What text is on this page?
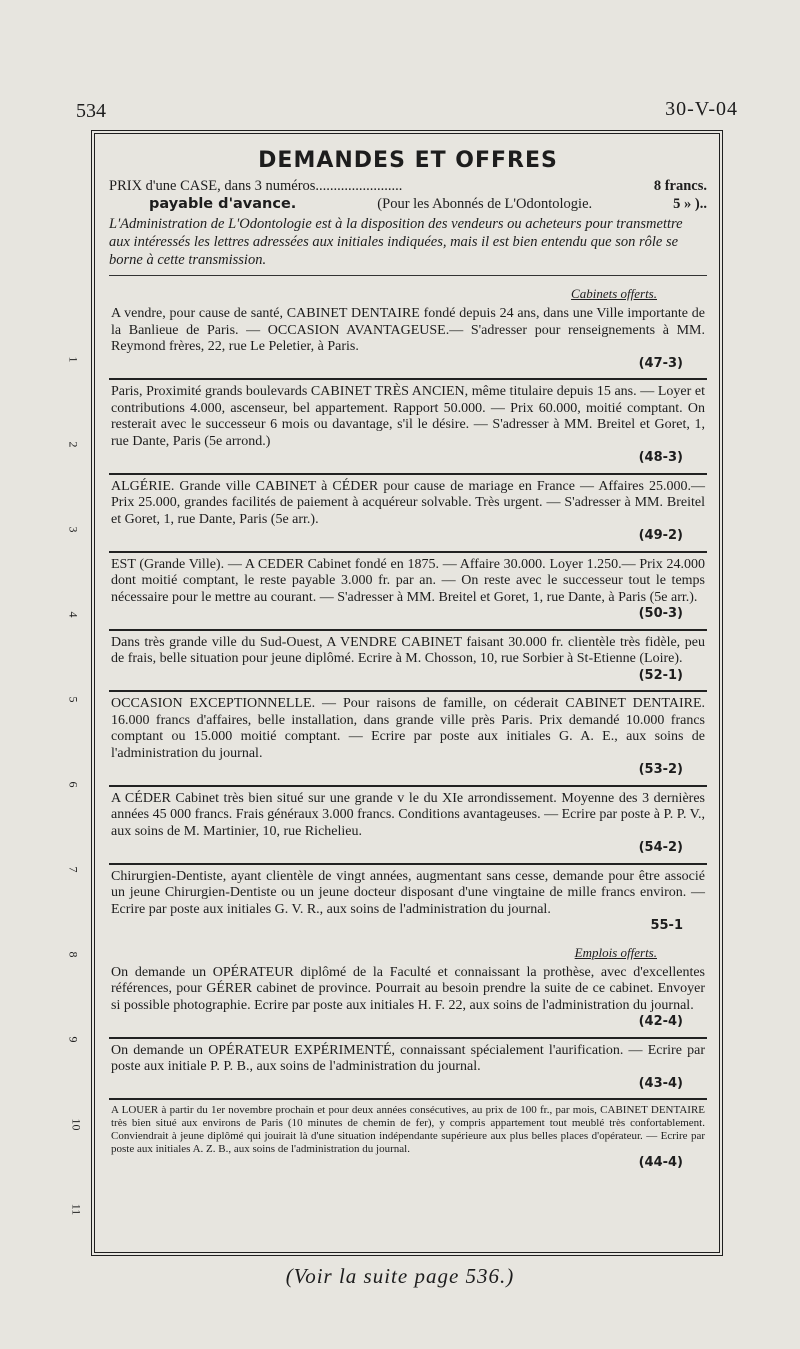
534	30-V-04
DEMANDES ET OFFRES
PRIX d'une CASE, dans 3 numéros........................	8 francs.
payable d'avance.	(Pour les Abonnés de L'Odontologie.	5 » )..
L'Administration de L'Odontologie est à la disposition des vendeurs ou acheteurs pour transmettre aux intéressés les lettres adressées aux initiales indiquées, mais il est bien entendu que son rôle se borne à cette transmission.
Cabinets offerts.
A vendre, pour cause de santé, CABINET DENTAIRE fondé depuis 24 ans, dans une Ville importante de la Banlieue de Paris. — OCCASION AVANTAGEUSE.— S'adresser pour renseignements à MM. Reymond frères, 22, rue Le Peletier, à Paris.
(47-3)
Paris, Proximité grands boulevards CABINET TRÈS ANCIEN, même titulaire depuis 15 ans. — Loyer et contributions 4.000, ascenseur, bel appartement. Rapport 50.000. — Prix 60.000, moitié comptant. On resterait avec le successeur 6 mois ou davantage, s'il le désire. — S'adresser à MM. Breitel et Goret, 1, rue Dante, Paris (5e arrond.)
(48-3)
ALGÉRIE. Grande ville CABINET à CÉDER pour cause de mariage en France — Affaires 25.000.— Prix 25.000, grandes facilités de paiement à acquéreur solvable. Très urgent. — S'adresser à MM. Breitel et Goret, 1, rue Dante, Paris (5e arr.).
(49-2)
EST (Grande Ville). — A CEDER Cabinet fondé en 1875. — Affaire 30.000. Loyer 1.250.— Prix 24.000 dont moitié comptant, le reste payable 3.000 fr. par an. — On reste avec le successeur tout le temps nécessaire pour le mettre au courant. — S'adresser à MM. Breitel et Goret, 1, rue Dante, à Paris (5e arr.).
(50-3)
Dans très grande ville du Sud-Ouest, A VENDRE CABINET faisant 30.000 fr. clientèle très fidèle, peu de frais, belle situation pour jeune diplômé. Ecrire à M. Chosson, 10, rue Sorbier à St-Etienne (Loire).
(52-1)
OCCASION EXCEPTIONNELLE. — Pour raisons de famille, on céderait CABINET DENTAIRE. 16.000 francs d'affaires, belle installation, dans grande ville près Paris. Prix demandé 10.000 francs comptant ou 15.000 moitié comptant. — Ecrire par poste aux initiales G. A. E., aux soins de l'administration du journal.
(53-2)
A CÉDER Cabinet très bien situé sur une grande v le du XIe arrondissement. Moyenne des 3 dernières années 45 000 francs. Frais généraux 3.000 francs. Conditions avantageuses. — Ecrire par poste à P. P. V., aux soins de M. Martinier, 10, rue Richelieu.
(54-2)
Chirurgien-Dentiste, ayant clientèle de vingt années, augmentant sans cesse, demande pour être associé un jeune Chirurgien-Dentiste ou un jeune docteur disposant d'une vingtaine de mille francs environ. — Ecrire par poste aux initiales G. V. R., aux soins de l'administration du journal.
55-1
Emplois offerts.
On demande un OPÉRATEUR diplômé de la Faculté et connaissant la prothèse, avec d'excellentes références, pour GÉRER cabinet de province. Pourrait au besoin prendre la suite de ce cabinet. Envoyer si possible photographie. Ecrire par poste aux initiales H. F. 22, aux soins de l'administration du journal.
(42-4)
On demande un OPÉRATEUR EXPÉRIMENTÉ, connaissant spécialement l'aurification. — Ecrire par poste aux initiale P. P. B., aux soins de l'administration du journal.
(43-4)
A LOUER à partir du 1er novembre prochain et pour deux années consécutives, au prix de 100 fr., par mois, CABINET DENTAIRE très bien situé aux environs de Paris (10 minutes de chemin de fer), y compris appartement tout meublé très confortablement. Conviendrait à jeune diplômé qui jouirait là d'une situation indépendante supérieure aux plus belles places d'opérateur. — Ecrire par poste aux initiales A. Z. B., aux soins de l'administration du journal.
(44-4)
(Voir la suite page 536.)
1
2
3
4
5
6
7
8
9
10
11
